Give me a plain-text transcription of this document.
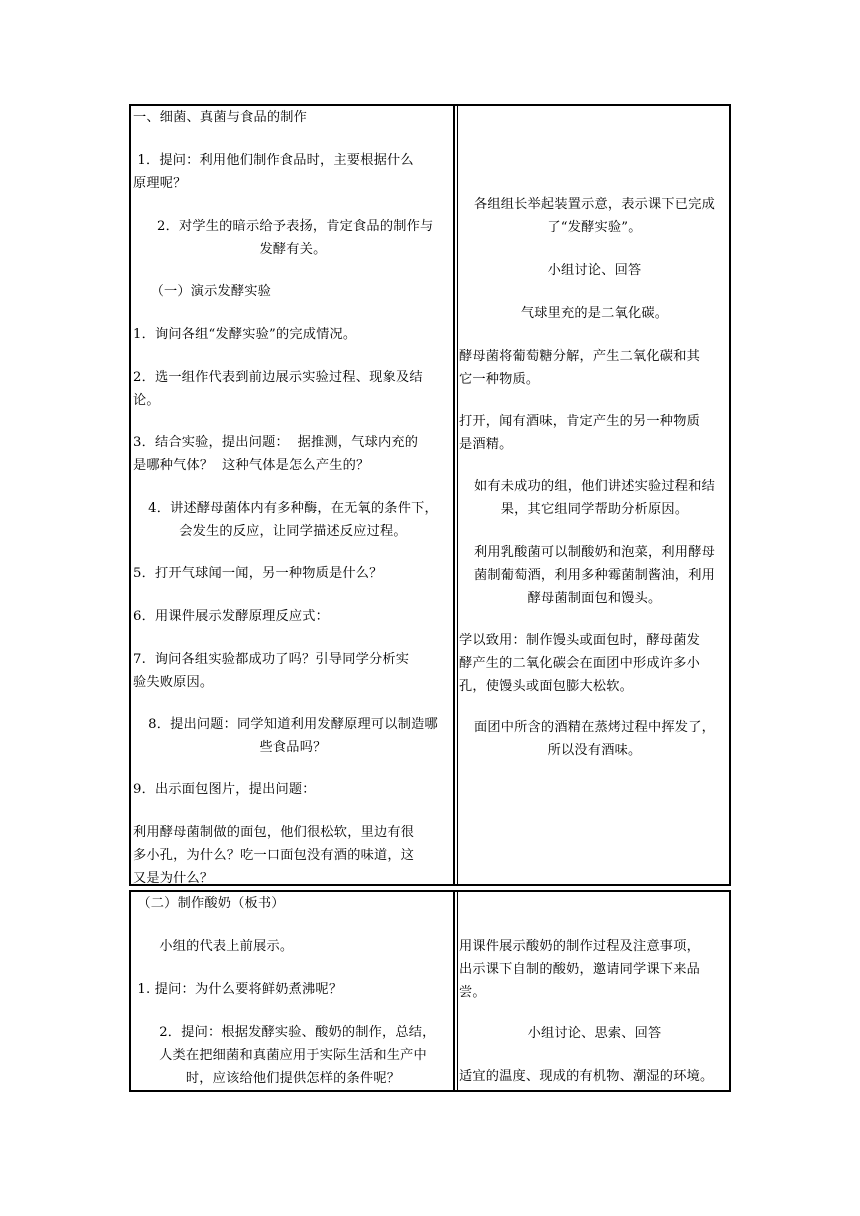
一、细菌、真菌与食品的制作

1．提问：利用他们制作食品时，主要根据什么
原理呢？

2．对学生的暗示给予表扬，肯定食品的制作与
发酵有关。

（一）演示发酵实验

1．询问各组“发酵实验”的完成情况。

2．选一组作代表到前边展示实验过程、现象及结
论。

3．结合实验，提出问题：  据推测，气球内充的
是哪种气体？  这种气体是怎么产生的？

4．讲述酵母菌体内有多种酶，在无氧的条件下，
会发生的反应，让同学描述反应过程。

5．打开气球闻一闻，另一种物质是什么？

6．用课件展示发酵原理反应式：

7.  询问各组实验都成功了吗？引导同学分析实
验失败原因。

8．提出问题：同学知道利用发酵原理可以制造哪
些食品吗？

9．出示面包图片，提出问题：

利用酵母菌制做的面包，他们很松软，里边有很
多小孔，为什么？吃一口面包没有酒的味道，这
又是为什么？

各组组长举起装置示意，表示课下已完成
了“发酵实验”。

小组讨论、回答

气球里充的是二氧化碳。

酵母菌将葡萄糖分解，产生二氧化碳和其
它一种物质。

打开，闻有酒味，肯定产生的另一种物质
是酒精。

如有未成功的组，他们讲述实验过程和结
果，其它组同学帮助分析原因。

利用乳酸菌可以制酸奶和泡菜，利用酵母
菌制葡萄酒，利用多种霉菌制酱油，利用
酵母菌制面包和馒头。

学以致用：制作馒头或面包时，酵母菌发
酵产生的二氧化碳会在面团中形成许多小
孔，使馒头或面包膨大松软。

面团中所含的酒精在蒸烤过程中挥发了，
所以没有酒味。

（二）制作酸奶（板书）

小组的代表上前展示。

1. 提问：为什么要将鲜奶煮沸呢？

2．提问：根据发酵实验、酸奶的制作，总结，
人类在把细菌和真菌应用于实际生活和生产中
时，应该给他们提供怎样的条件呢？

用课件展示酸奶的制作过程及注意事项，
出示课下自制的酸奶，邀请同学课下来品
尝。

小组讨论、思索、回答

适宜的温度、现成的有机物、潮湿的环境。
